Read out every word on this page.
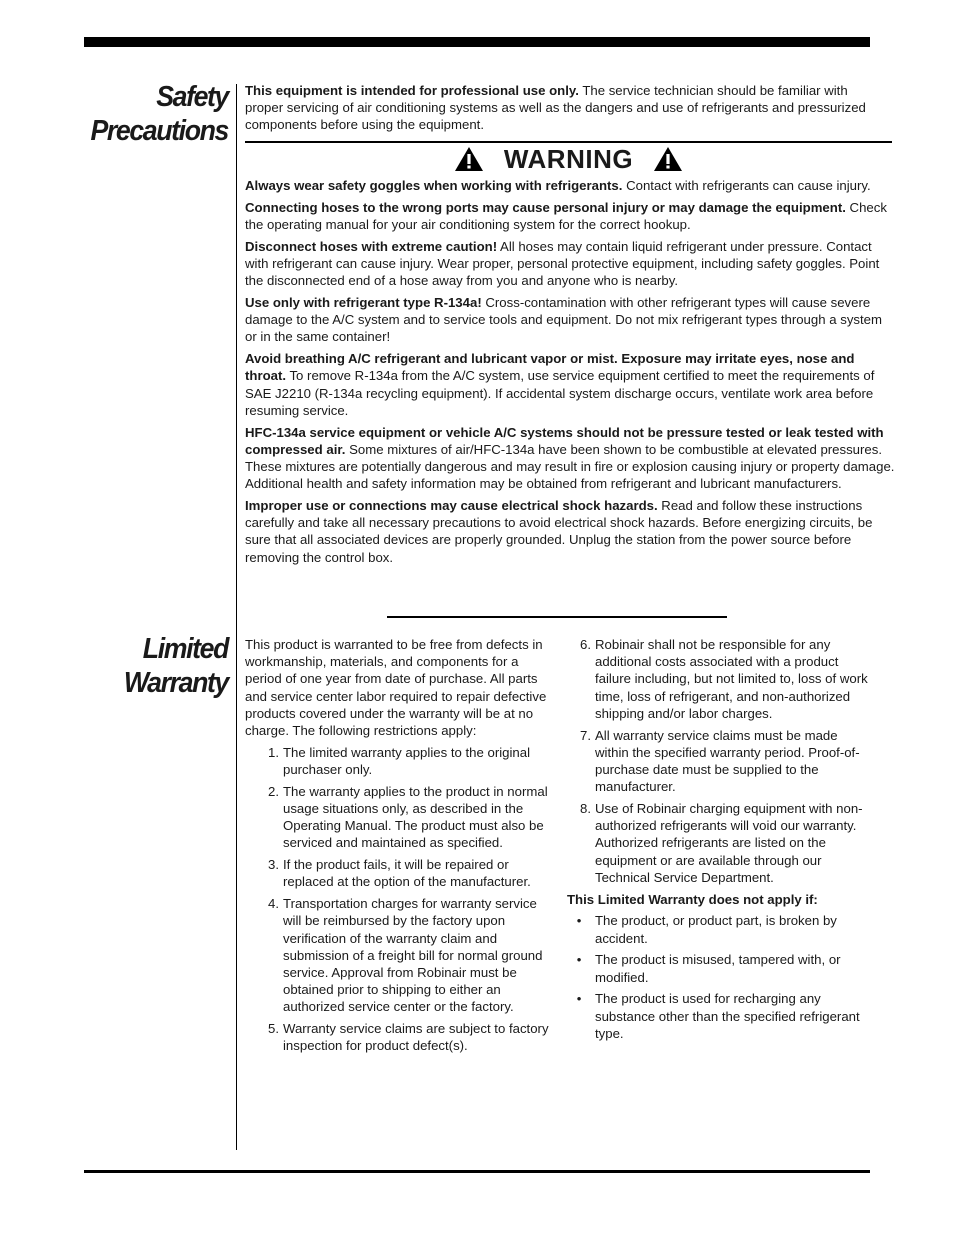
Safety
Precautions

This equipment is intended for professional use only. The service technician should be familiar with proper servicing of air conditioning systems as well as the dangers and use of refrigerants and pressurized components before using the equipment.

WARNING

Always wear safety goggles when working with refrigerants. Contact with refrigerants can cause injury.

Connecting hoses to the wrong ports may cause personal injury or may damage the equipment. Check the operating manual for your air conditioning system for the correct hookup.

Disconnect hoses with extreme caution! All hoses may contain liquid refrigerant under pressure. Contact with refrigerant can cause injury. Wear proper, personal protective equipment, including safety goggles. Point the disconnected end of a hose away from you and anyone who is nearby.

Use only with refrigerant type R-134a! Cross-contamination with other refrigerant types will cause severe damage to the A/C system and to service tools and equipment. Do not mix refrigerant types through a system or in the same container!

Avoid breathing A/C refrigerant and lubricant vapor or mist. Exposure may irritate eyes, nose and throat. To remove R-134a from the A/C system, use service equipment certified to meet the requirements of SAE J2210 (R-134a recycling equipment). If accidental system discharge occurs, ventilate work area before resuming service.

HFC-134a service equipment or vehicle A/C systems should not be pressure tested or leak tested with compressed air. Some mixtures of air/HFC-134a have been shown to be combustible at elevated pressures. These mixtures are potentially dangerous and may result in fire or explosion causing injury or property damage. Additional health and safety information may be obtained from refrigerant and lubricant manufacturers.

Improper use or connections may cause electrical shock hazards. Read and follow these instructions carefully and take all necessary precautions to avoid electrical shock hazards. Before energizing circuits, be sure that all associated devices are properly grounded. Unplug the station from the power source before removing the control box.

Limited
Warranty

This product is warranted to be free from defects in workmanship, materials, and components for a period of one year from date of purchase. All parts and service center labor required to repair defective products covered under the warranty will be at no charge. The following restrictions apply:

1. The limited warranty applies to the original purchaser only.
2. The warranty applies to the product in normal usage situations only, as described in the Operating Manual. The product must also be serviced and maintained as specified.
3. If the product fails, it will be repaired or replaced at the option of the manufacturer.
4. Transportation charges for warranty service will be reimbursed by the factory upon verification of the warranty claim and submission of a freight bill for normal ground service. Approval from Robinair must be obtained prior to shipping to either an authorized service center or the factory.
5. Warranty service claims are subject to factory inspection for product defect(s).
6. Robinair shall not be responsible for any additional costs associated with a product failure including, but not limited to, loss of work time, loss of refrigerant, and non-authorized shipping and/or labor charges.
7. All warranty service claims must be made within the specified warranty period. Proof-of-purchase date must be supplied to the manufacturer.
8. Use of Robinair charging equipment with non-authorized refrigerants will void our warranty. Authorized refrigerants are listed on the equipment or are available through our Technical Service Department.

This Limited Warranty does not apply if:

•	The product, or product part, is broken by accident.
•	The product is misused, tampered with, or modified.
•	The product is used for recharging any substance other than the specified refrigerant type.
